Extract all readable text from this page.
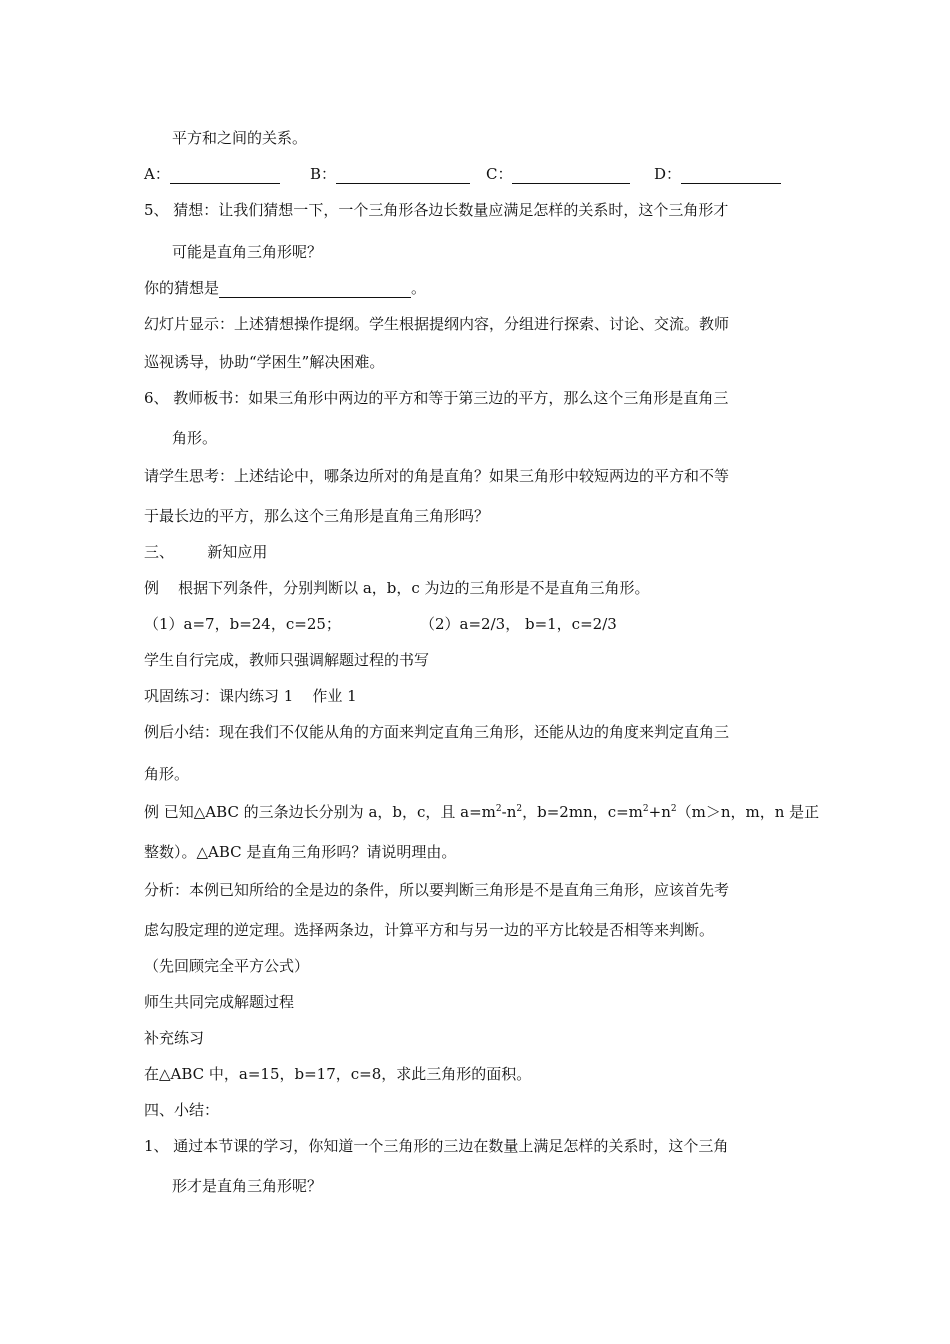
平方和之间的关系。
A：	B：	C：	D：
5、 猜想：让我们猜想一下，一个三角形各边长数量应满足怎样的关系时，这个三角形才
可能是直角三角形呢？
你的猜想是	。
幻灯片显示：上述猜想操作提纲。学生根据提纲内容，分组进行探索、讨论、交流。教师
巡视诱导，协助“学困生”解决困难。
6、 教师板书：如果三角形中两边的平方和等于第三边的平方，那么这个三角形是直角三
角形。
请学生思考：上述结论中，哪条边所对的角是直角？如果三角形中较短两边的平方和不等
于最长边的平方，那么这个三角形是直角三角形吗？
三、       新知应用
例    根据下列条件，分别判断以 a，b，c 为边的三角形是不是直角三角形。
（1）a=7，b=24，c=25；	（2）a=2/3， b=1，c=2/3
学生自行完成，教师只强调解题过程的书写
巩固练习：课内练习 1    作业 1
例后小结：现在我们不仅能从角的方面来判定直角三角形，还能从边的角度来判定直角三
角形。
例 已知△ABC 的三条边长分别为 a，b，c，且 $a=m^2-n^2$，b=2mn，$c=m^2+n^2(m>n$，m，n 是正
整数）。△ABC 是直角三角形吗？请说明理由。
分析：本例已知所给的全是边的条件，所以要判断三角形是不是直角三角形，应该首先考
虑勾股定理的逆定理。选择两条边，计算平方和与另一边的平方比较是否相等来判断。
（先回顾完全平方公式）
师生共同完成解题过程
补充练习
在△ABC 中，a=15，b=17，c=8，求此三角形的面积。
四、小结：
1、 通过本节课的学习，你知道一个三角形的三边在数量上满足怎样的关系时，这个三角
形才是直角三角形呢？
